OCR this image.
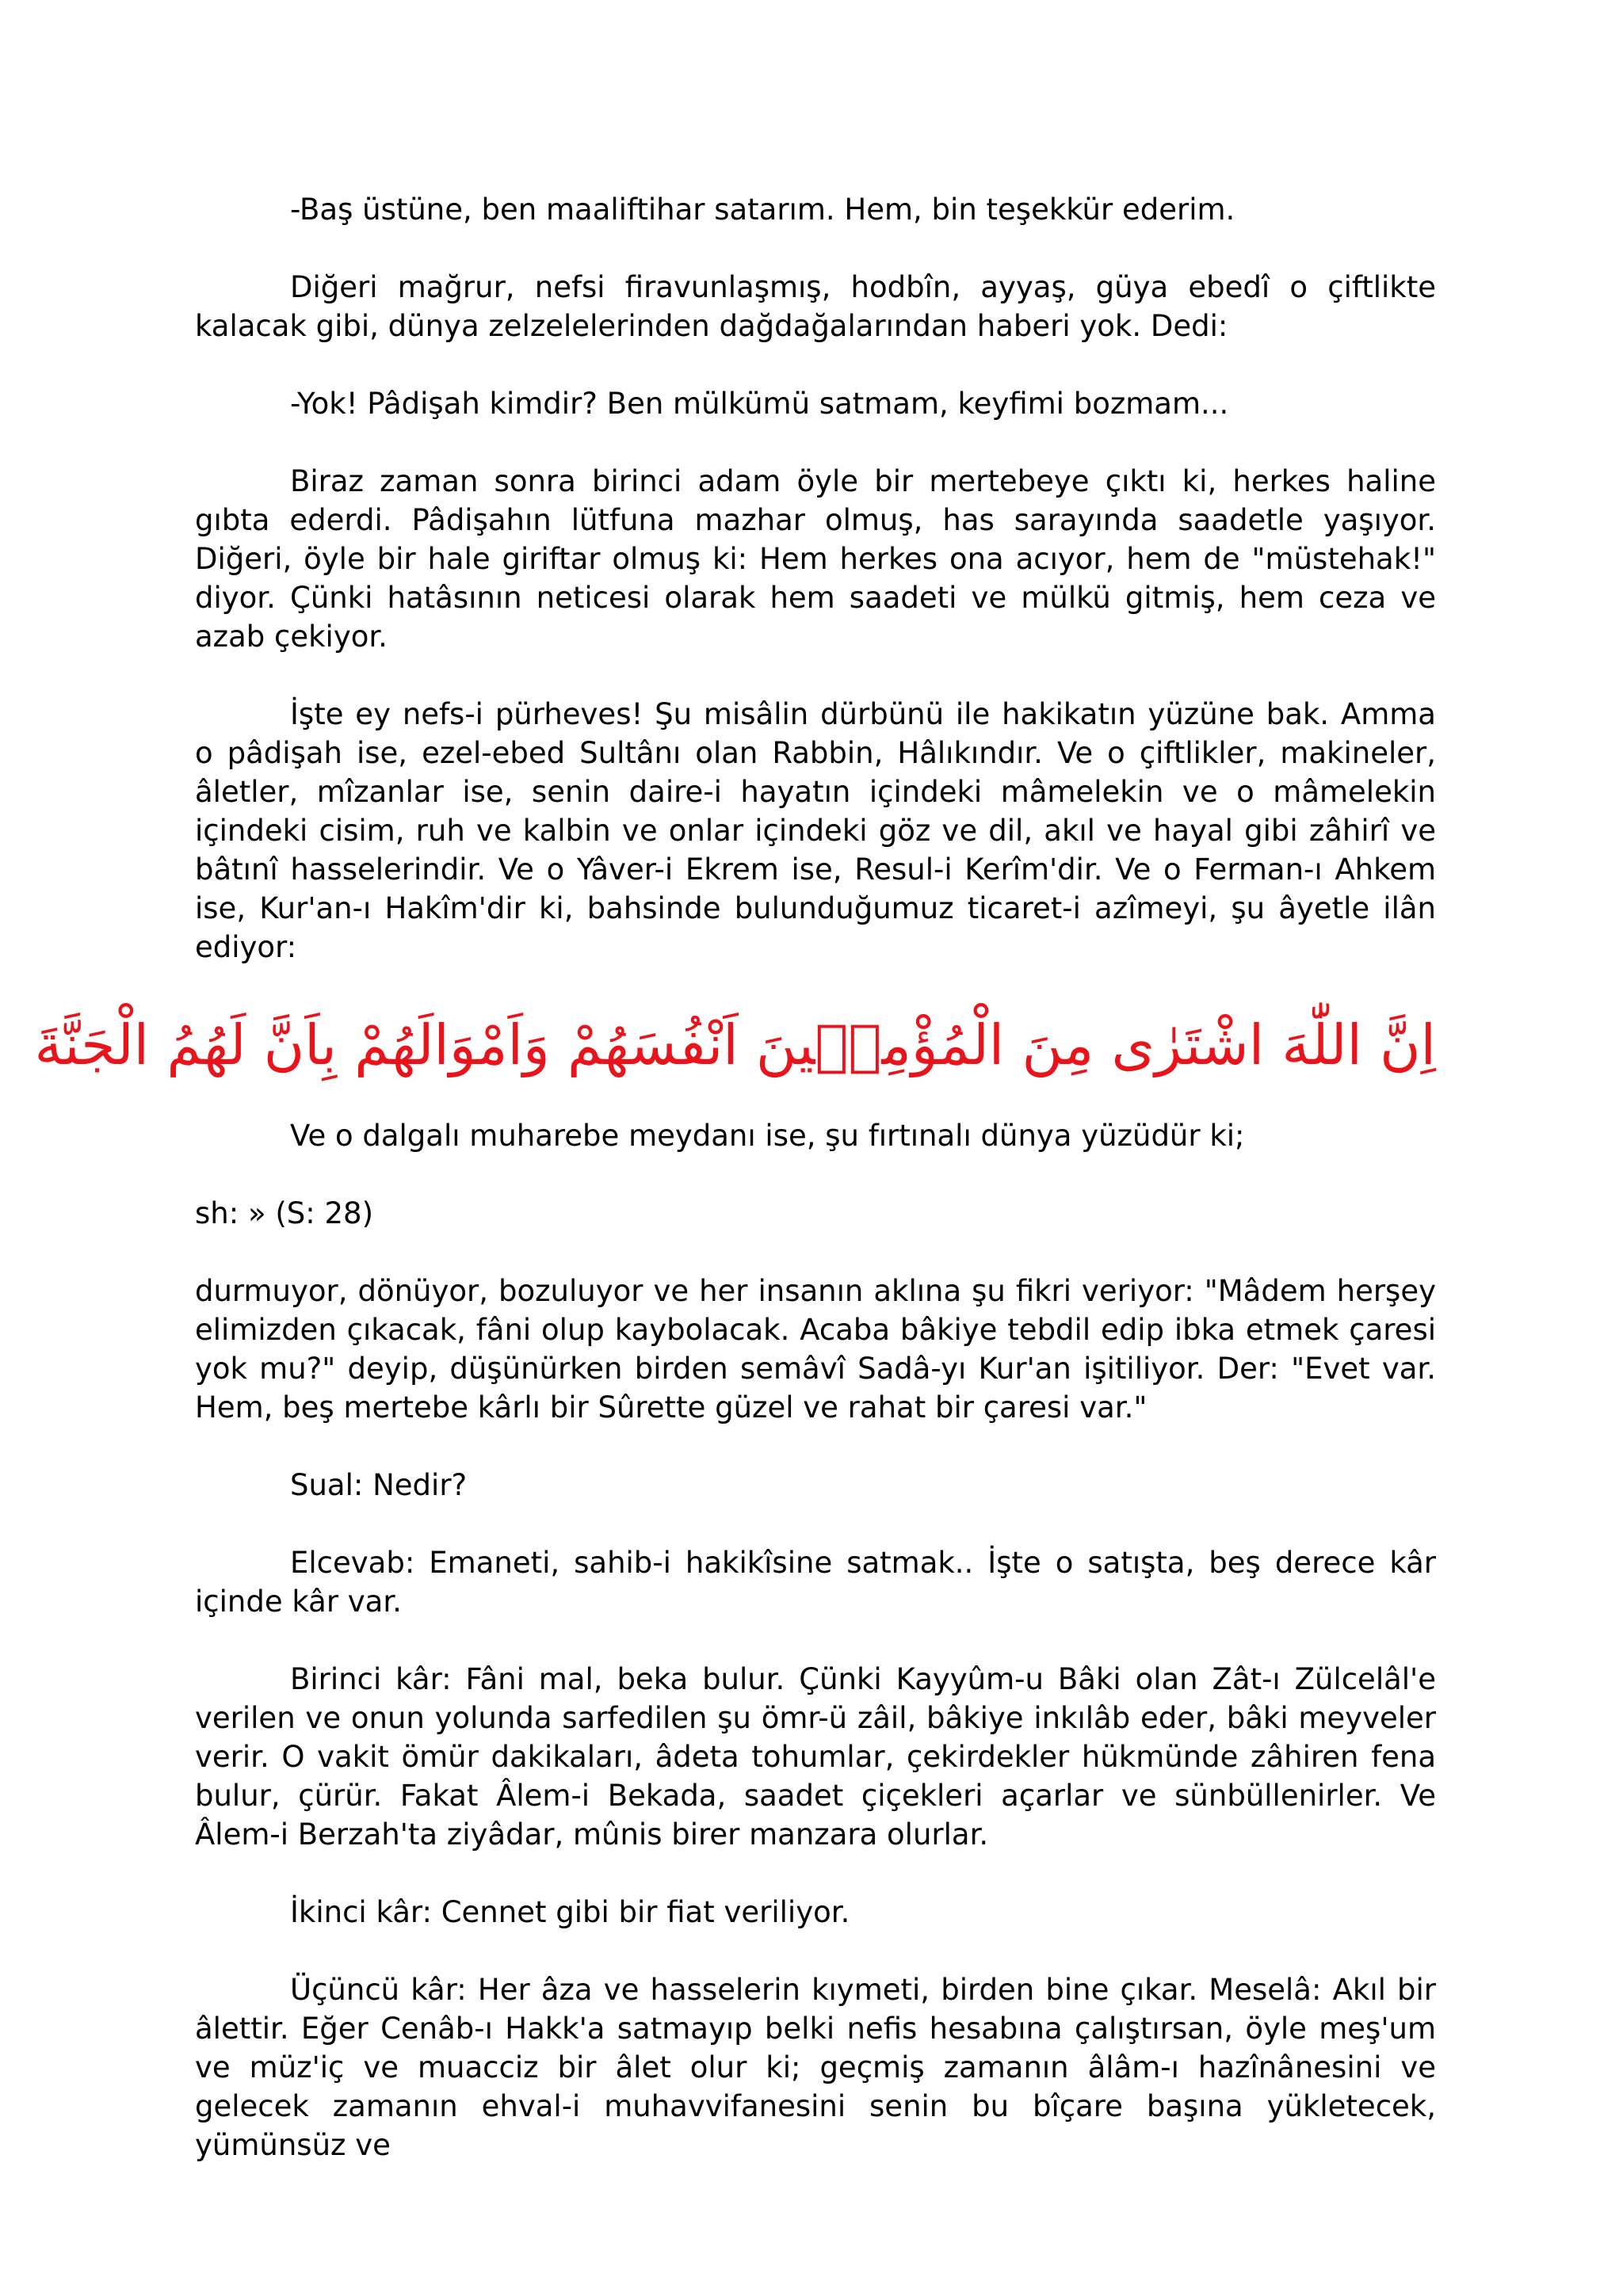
-Baş üstüne, ben maaliftihar satarım. Hem, bin teşekkür ederim.

Diğeri mağrur, nefsi firavunlaşmış, hodbîn, ayyaş, güya ebedî o çiftlikte kalacak gibi, dünya zelzelelerinden dağdağalarından haberi yok. Dedi:

-Yok! Pâdişah kimdir? Ben mülkümü satmam, keyfimi bozmam...

Biraz zaman sonra birinci adam öyle bir mertebeye çıktı ki, herkes haline gıbta ederdi. Pâdişahın lütfuna mazhar olmuş, has sarayında saadetle yaşıyor. Diğeri, öyle bir hale giriftar olmuş ki: Hem herkes ona acıyor, hem de "müstehak!" diyor. Çünki hatâsının neticesi olarak hem saadeti ve mülkü gitmiş, hem ceza ve azab çekiyor.

İşte ey nefs-i pürheves! Şu misâlin dürbünü ile hakikatın yüzüne bak. Amma o pâdişah ise, ezel-ebed Sultânı olan Rabbin, Hâlıkındır. Ve o çiftlikler, makineler, âletler, mîzanlar ise, senin daire-i hayatın içindeki mâmelekin ve o mâmelekin içindeki cisim, ruh ve kalbin ve onlar içindeki göz ve dil, akıl ve hayal gibi zâhirî ve bâtınî hasselerindir. Ve o Yâver-i Ekrem ise, Resul-i Kerîm'dir. Ve o Ferman-ı Ahkem ise, Kur'an-ı Hakîm'dir ki, bahsinde bulunduğumuz ticaret-i azîmeyi, şu âyetle ilân ediyor:

اِنَّ اللّٰهَ اشْتَرٰى مِنَ الْمُؤْمِنٖينَ اَنْفُسَهُمْ وَاَمْوَالَهُمْ بِاَنَّ لَهُمُ الْجَنَّةَ

Ve o dalgalı muharebe meydanı ise, şu fırtınalı dünya yüzüdür ki;

sh: » (S: 28)

durmuyor, dönüyor, bozuluyor ve her insanın aklına şu fikri veriyor: "Mâdem herşey elimizden çıkacak, fâni olup kaybolacak. Acaba bâkiye tebdil edip ibka etmek çaresi yok mu?" deyip, düşünürken birden semâvî Sadâ-yı Kur'an işitiliyor. Der: "Evet var. Hem, beş mertebe kârlı bir Sûrette güzel ve rahat bir çaresi var."

Sual: Nedir?

Elcevab: Emaneti, sahib-i hakikîsine satmak.. İşte o satışta, beş derece kâr içinde kâr var.

Birinci kâr: Fâni mal, beka bulur. Çünki Kayyûm-u Bâki olan Zât-ı Zülcelâl'e verilen ve onun yolunda sarfedilen şu ömr-ü zâil, bâkiye inkılâb eder, bâki meyveler verir. O vakit ömür dakikaları, âdeta tohumlar, çekirdekler hükmünde zâhiren fena bulur, çürür. Fakat Âlem-i Bekada, saadet çiçekleri açarlar ve sünbüllenirler. Ve Âlem-i Berzah'ta ziyâdar, mûnis birer manzara olurlar.

İkinci kâr: Cennet gibi bir fiat veriliyor.

Üçüncü kâr: Her âza ve hasselerin kıymeti, birden bine çıkar. Meselâ: Akıl bir âlettir. Eğer Cenâb-ı Hakk'a satmayıp belki nefis hesabına çalıştırsan, öyle meş'um ve müz'iç ve muacciz bir âlet olur ki; geçmiş zamanın âlâm-ı hazînânesini ve gelecek zamanın ehval-i muhavvifanesini senin bu bîçare başına yükletecek, yümünsüz ve
